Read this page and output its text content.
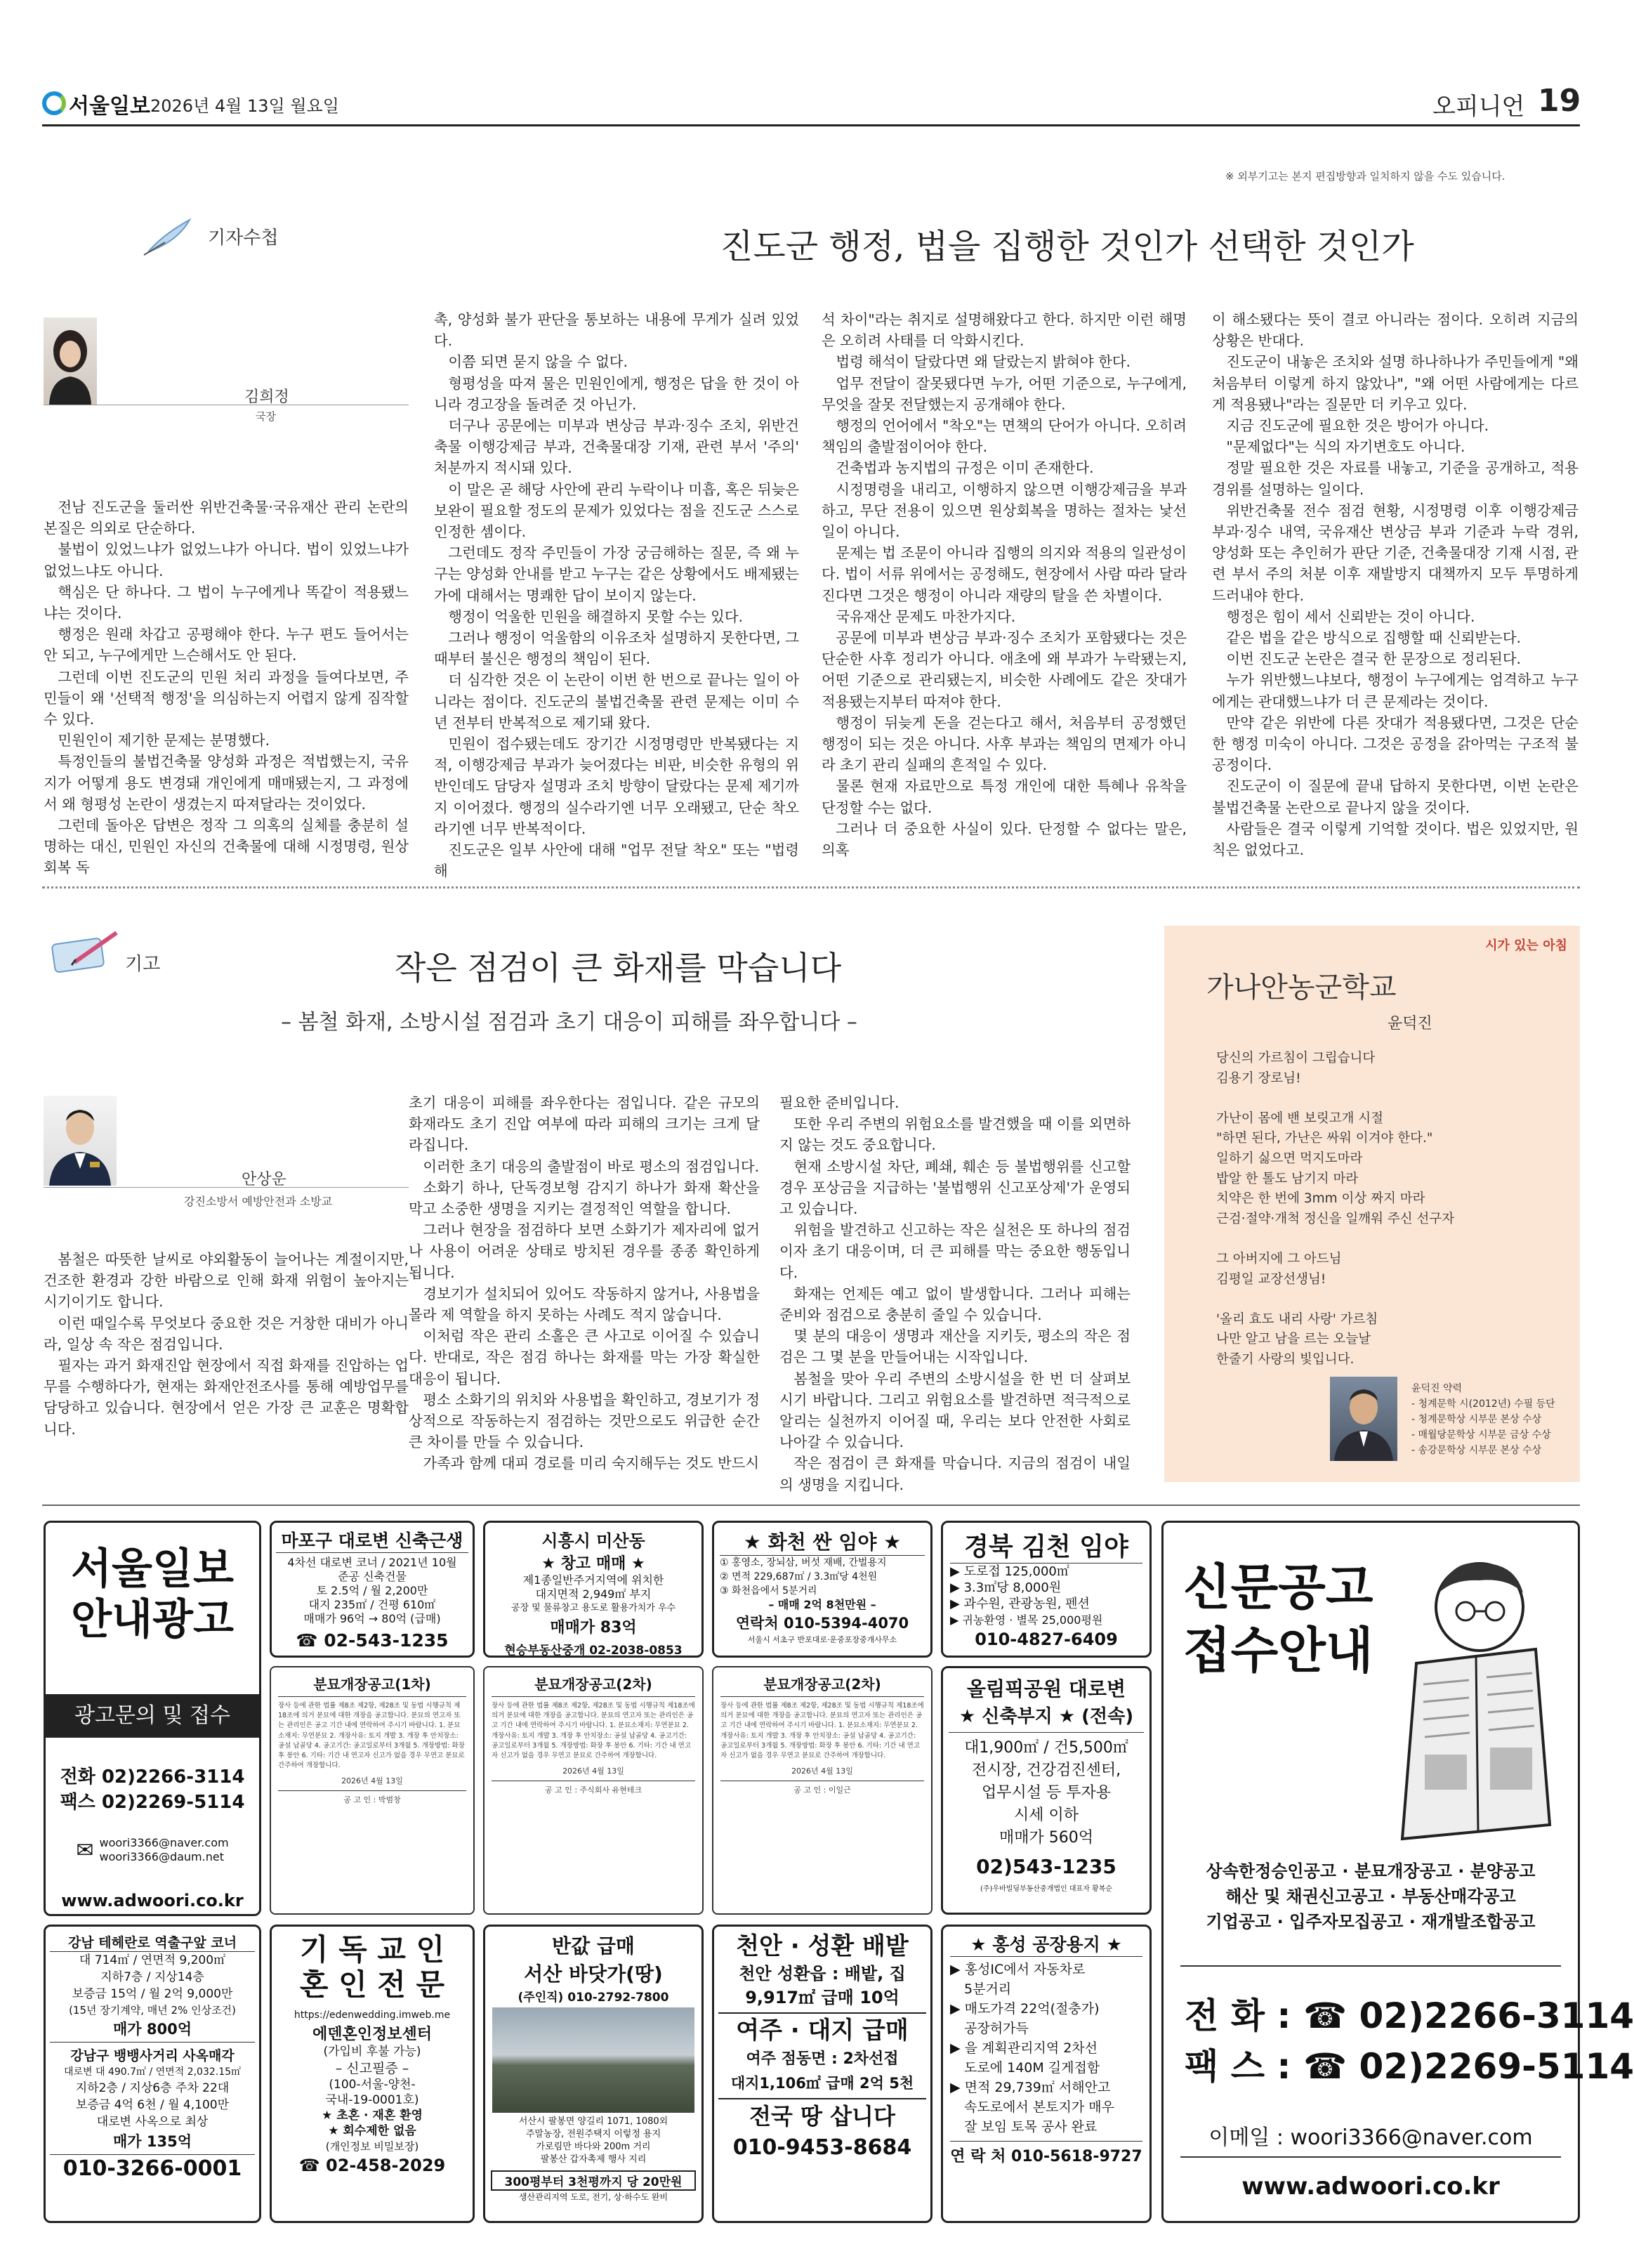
서울일보 2026년 4월 13일 월요일	오피니언 19
※ 외부기고는 본지 편집방향과 일치하지 않을 수도 있습니다.
기자수첩	진도군 행정, 법을 집행한 것인가 선택한 것인가
김희정
국장

전남 진도군을 둘러싼 위반건축물·국유재산 관리 논란의 본질은 의외로 단순하다.

불법이 있었느냐가 없었느냐가 아니다. 법이 있었느냐가 없었느냐도 아니다.

핵심은 단 하나다. 그 법이 누구에게나 똑같이 적용됐느냐는 것이다.

행정은 원래 차갑고 공평해야 한다. 누구 편도 들어서는 안 되고, 누구에게만 느슨해서도 안 된다.

그런데 이번 진도군의 민원 처리 과정을 들여다보면, 주민들이 왜 '선택적 행정'을 의심하는지 어렵지 않게 짐작할 수 있다.

민원인이 제기한 문제는 분명했다.

특정인들의 불법건축물 양성화 과정은 적법했는지, 국유지가 어떻게 용도 변경돼 개인에게 매매됐는지, 그 과정에서 왜 형평성 논란이 생겼는지 따져달라는 것이었다.

그런데 돌아온 답변은 정작 그 의혹의 실체를 충분히 설명하는 대신, 민원인 자신의 건축물에 대해 시정명령, 원상회복 독

촉, 양성화 불가 판단을 통보하는 내용에 무게가 실려 있었다.

이쯤 되면 묻지 않을 수 없다.

형평성을 따져 물은 민원인에게, 행정은 답을 한 것이 아니라 경고장을 돌려준 것 아닌가.

더구나 공문에는 미부과 변상금 부과·징수 조치, 위반건축물 이행강제금 부과, 건축물대장 기재, 관련 부서 '주의' 처분까지 적시돼 있다.

이 말은 곧 해당 사안에 관리 누락이나 미흡, 혹은 뒤늦은 보완이 필요할 정도의 문제가 있었다는 점을 진도군 스스로 인정한 셈이다.

그런데도 정작 주민들이 가장 궁금해하는 질문, 즉 왜 누구는 양성화 안내를 받고 누구는 같은 상황에서도 배제됐는가에 대해서는 명쾌한 답이 보이지 않는다.

행정이 억울한 민원을 해결하지 못할 수는 있다.

그러나 행정이 억울함의 이유조차 설명하지 못한다면, 그때부터 불신은 행정의 책임이 된다.

더 심각한 것은 이 논란이 이번 한 번으로 끝나는 일이 아니라는 점이다. 진도군의 불법건축물 관련 문제는 이미 수년 전부터 반복적으로 제기돼 왔다.

민원이 접수됐는데도 장기간 시정명령만 반복됐다는 지적, 이행강제금 부과가 늦어졌다는 비판, 비슷한 유형의 위반인데도 담당자 설명과 조치 방향이 달랐다는 문제 제기까지 이어졌다. 행정의 실수라기엔 너무 오래됐고, 단순 착오라기엔 너무 반복적이다.

진도군은 일부 사안에 대해 "업무 전달 착오" 또는 "법령 해

석 차이"라는 취지로 설명해왔다고 한다. 하지만 이런 해명은 오히려 사태를 더 악화시킨다.

법령 해석이 달랐다면 왜 달랐는지 밝혀야 한다.

업무 전달이 잘못됐다면 누가, 어떤 기준으로, 누구에게, 무엇을 잘못 전달했는지 공개해야 한다.

행정의 언어에서 "착오"는 면책의 단어가 아니다. 오히려 책임의 출발점이어야 한다.

건축법과 농지법의 규정은 이미 존재한다.

시정명령을 내리고, 이행하지 않으면 이행강제금을 부과하고, 무단 전용이 있으면 원상회복을 명하는 절차는 낯선 일이 아니다.

문제는 법 조문이 아니라 집행의 의지와 적용의 일관성이다. 법이 서류 위에서는 공정해도, 현장에서 사람 따라 달라진다면 그것은 행정이 아니라 재량의 탈을 쓴 차별이다.

국유재산 문제도 마찬가지다.

공문에 미부과 변상금 부과·징수 조치가 포함됐다는 것은 단순한 사후 정리가 아니다. 애초에 왜 부과가 누락됐는지, 어떤 기준으로 관리됐는지, 비슷한 사례에도 같은 잣대가 적용됐는지부터 따져야 한다.

행정이 뒤늦게 돈을 걷는다고 해서, 처음부터 공정했던 행정이 되는 것은 아니다. 사후 부과는 책임의 면제가 아니라 초기 관리 실패의 흔적일 수 있다.

물론 현재 자료만으로 특정 개인에 대한 특혜나 유착을 단정할 수는 없다.

그러나 더 중요한 사실이 있다. 단정할 수 없다는 말은, 의혹

이 해소됐다는 뜻이 결코 아니라는 점이다. 오히려 지금의 상황은 반대다.

진도군이 내놓은 조치와 설명 하나하나가 주민들에게 "왜 처음부터 이렇게 하지 않았나", "왜 어떤 사람에게는 다르게 적용됐나"라는 질문만 더 키우고 있다.

지금 진도군에 필요한 것은 방어가 아니다.

"문제없다"는 식의 자기변호도 아니다.

정말 필요한 것은 자료를 내놓고, 기준을 공개하고, 적용 경위를 설명하는 일이다.

위반건축물 전수 점검 현황, 시정명령 이후 이행강제금 부과·징수 내역, 국유재산 변상금 부과 기준과 누락 경위, 양성화 또는 추인허가 판단 기준, 건축물대장 기재 시점, 관련 부서 주의 처분 이후 재발방지 대책까지 모두 투명하게 드러내야 한다.

행정은 힘이 세서 신뢰받는 것이 아니다.

같은 법을 같은 방식으로 집행할 때 신뢰받는다.

이번 진도군 논란은 결국 한 문장으로 정리된다.

누가 위반했느냐보다, 행정이 누구에게는 엄격하고 누구에게는 관대했느냐가 더 큰 문제라는 것이다.

만약 같은 위반에 다른 잣대가 적용됐다면, 그것은 단순한 행정 미숙이 아니다. 그것은 공정을 갉아먹는 구조적 불공정이다.

진도군이 이 질문에 끝내 답하지 못한다면, 이번 논란은 불법건축물 논란으로 끝나지 않을 것이다.

사람들은 결국 이렇게 기억할 것이다. 법은 있었지만, 원칙은 없었다고.

기고	작은 점검이 큰 화재를 막습니다
– 봄철 화재, 소방시설 점검과 초기 대응이 피해를 좌우합니다 –
안상운
강진소방서 예방안전과 소방교

봄철은 따뜻한 날씨로 야외활동이 늘어나는 계절이지만, 건조한 환경과 강한 바람으로 인해 화재 위험이 높아지는 시기이기도 합니다.

이런 때일수록 무엇보다 중요한 것은 거창한 대비가 아니라, 일상 속 작은 점검입니다.

필자는 과거 화재진압 현장에서 직접 화재를 진압하는 업무를 수행하다가, 현재는 화재안전조사를 통해 예방업무를 담당하고 있습니다. 현장에서 얻은 가장 큰 교훈은 명확합니다.

초기 대응이 피해를 좌우한다는 점입니다. 같은 규모의 화재라도 초기 진압 여부에 따라 피해의 크기는 크게 달라집니다.

이러한 초기 대응의 출발점이 바로 평소의 점검입니다.

소화기 하나, 단독경보형 감지기 하나가 화재 확산을 막고 소중한 생명을 지키는 결정적인 역할을 합니다.

그러나 현장을 점검하다 보면 소화기가 제자리에 없거나 사용이 어려운 상태로 방치된 경우를 종종 확인하게 됩니다.

경보기가 설치되어 있어도 작동하지 않거나, 사용법을 몰라 제 역할을 하지 못하는 사례도 적지 않습니다.

이처럼 작은 관리 소홀은 큰 사고로 이어질 수 있습니다. 반대로, 작은 점검 하나는 화재를 막는 가장 확실한 대응이 됩니다.

평소 소화기의 위치와 사용법을 확인하고, 경보기가 정상적으로 작동하는지 점검하는 것만으로도 위급한 순간 큰 차이를 만들 수 있습니다.

가족과 함께 대피 경로를 미리 숙지해두는 것도 반드시

필요한 준비입니다.

또한 우리 주변의 위험요소를 발견했을 때 이를 외면하지 않는 것도 중요합니다.

현재 소방시설 차단, 폐쇄, 훼손 등 불법행위를 신고할 경우 포상금을 지급하는 '불법행위 신고포상제'가 운영되고 있습니다.

위험을 발견하고 신고하는 작은 실천은 또 하나의 점검이자 초기 대응이며, 더 큰 피해를 막는 중요한 행동입니다.

화재는 언제든 예고 없이 발생합니다. 그러나 피해는 준비와 점검으로 충분히 줄일 수 있습니다.

몇 분의 대응이 생명과 재산을 지키듯, 평소의 작은 점검은 그 몇 분을 만들어내는 시작입니다.

봄철을 맞아 우리 주변의 소방시설을 한 번 더 살펴보시기 바랍니다. 그리고 위험요소를 발견하면 적극적으로 알리는 실천까지 이어질 때, 우리는 보다 안전한 사회로 나아갈 수 있습니다.

작은 점검이 큰 화재를 막습니다. 지금의 점검이 내일의 생명을 지킵니다.

시가 있는 아침
가나안농군학교
윤덕진
당신의 가르침이 그립습니다
김용기 장로님!

가난이 몸에 밴 보릿고개 시절
"하면 된다, 가난은 싸워 이겨야 한다."
일하기 싫으면 먹지도마라
밥알 한 톨도 남기지 마라
치약은 한 번에 3mm 이상 짜지 마라
근검·절약·개척 정신을 일깨워 주신 선구자

그 아버지에 그 아드님
김평일 교장선생님!

'올리 효도 내리 사랑' 가르침
나만 알고 남을 르는 오늘날
한줄기 사랑의 빛입니다.
윤덕진 약력
- 청계문학 시(2012년) 수필 등단
- 청계문학상 시부문 본상 수상
- 매월당문학상 시부문 금상 수상
- 송강문학상 시부문 본상 수상
서울일보
안내광고
광고문의 및 접수
전화 02)2266-3114
팩스 02)2269-5114
✉ woori3366@naver.com
woori3366@daum.net
www.adwoori.co.kr
마포구 대로변 신축근생
4차선 대로변 코너 / 2021년 10월
준공 신축건물
토 2.5억 / 월 2,200만
대지 235㎡ / 건평 610㎡
매매가 96억 → 80억 (급매)
☎ 02-543-1235
시흥시 미산동
★ 창고 매매 ★
제1종일반주거지역에 위치한
대지면적 2,949㎡ 부지
공장 및 물류창고 용도로 활용가치가 우수
매매가 83억
현승부동산중개 02-2038-0853
★ 화천 싼 임야 ★
① 홍영소, 장뇌삼, 버섯 재배, 간벌용지
② 면적 229,687㎡ / 3.3㎡당 4천원
③ 화천읍에서 5분거리
– 매매 2억 8천만원 –
연락처 010-5394-4070
서울시 서초구 반포대로·운중포장중개사무소
경북 김천 임야
▶ 도로접 125,000㎡
▶ 3.3㎡당 8,000원
▶ 과수원, 관광농원, 펜션
▶ 귀농환영 · 별목 25,000평원
010-4827-6409
분묘개장공고(1차)
장사 등에 관한 법률 제8조 제2항, 제28조 및 동법 시행규칙 제18조에 의거 분묘에 대한 개장을 공고합니다. 분묘의 연고자 또는 관리인은 공고 기간 내에 연락하여 주시기 바랍니다. 1. 분묘소재지: 무연분묘 2. 개장사유: 토지 개발 3. 개장 후 안치장소: 공설 납골당 4. 공고기간: 공고일로부터 3개월 5. 개장방법: 화장 후 봉안 6. 기타: 기간 내 연고자 신고가 없을 경우 무연고 분묘로 간주하여 개장합니다.
2026년 4월 13일
공 고 인 : 박범창
분묘개장공고(2차)
장사 등에 관한 법률 제8조 제2항, 제28조 및 동법 시행규칙 제18조에 의거 분묘에 대한 개장을 공고합니다. 분묘의 연고자 또는 관리인은 공고 기간 내에 연락하여 주시기 바랍니다. 1. 분묘소재지: 무연분묘 2. 개장사유: 토지 개발 3. 개장 후 안치장소: 공설 납골당 4. 공고기간: 공고일로부터 3개월 5. 개장방법: 화장 후 봉안 6. 기타: 기간 내 연고자 신고가 없을 경우 무연고 분묘로 간주하여 개장합니다.
2026년 4월 13일
공 고 인 : 주식회사 유현테크
분묘개장공고(2차)
장사 등에 관한 법률 제8조 제2항, 제28조 및 동법 시행규칙 제18조에 의거 분묘에 대한 개장을 공고합니다. 분묘의 연고자 또는 관리인은 공고 기간 내에 연락하여 주시기 바랍니다. 1. 분묘소재지: 무연분묘 2. 개장사유: 토지 개발 3. 개장 후 안치장소: 공설 납골당 4. 공고기간: 공고일로부터 3개월 5. 개장방법: 화장 후 봉안 6. 기타: 기간 내 연고자 신고가 없을 경우 무연고 분묘로 간주하여 개장합니다.
2026년 4월 13일
공 고 인 : 이일근
올림픽공원 대로변
★ 신축부지 ★ (전속)
대1,900㎡ / 건5,500㎡
전시장, 건강검진센터,
업무시설 등 투자용
시세 이하
매매가 560억
02)543-1235
(주)우바빌딩부동산중개법인 대표자 황복순
신문공고
접수안내
상속한정승인공고 · 분묘개장공고 · 분양공고
해산 및 채권신고공고 · 부동산매각공고
기업공고 · 입주자모집공고 · 재개발조합공고
전 화 : ☎ 02)2266-3114
팩 스 : ☎ 02)2269-5114
이메일 : woori3366@naver.com
www.adwoori.co.kr
강남 테헤란로 역출구앞 코너
대 714㎡ / 연면적 9,200㎡
지하7층 / 지상14층
보증금 15억 / 월 2억 9,000만
(15년 장기계약, 매년 2% 인상조건)
매가 800억
강남구 뱅뱅사거리 사옥매각
대로변 대 490.7㎡ / 연면적 2,032.15㎡
지하2층 / 지상6층 주차 22대
보증금 4억 6천 / 월 4,100만
대로변 사옥으로 최상
매가 135억
010-3266-0001
기 독 교 인
혼 인 전 문
https://edenwedding.imweb.me
에덴혼인정보센터
(가입비 후불 가능)
– 신고필증 –
(100-서울-양천-
국내-19-0001호)
★ 초혼 · 재혼 환영
★ 회수제한 없음
(개인정보 비밀보장)
☎ 02-458-2029
반값 급매
서산 바닷가(땅)
(주인직) 010-2792-7800
서산시 팔봉면 양길리 1071, 1080외
주말농장, 전원주택지 이렇정 용지
가로림만 바다와 200m 거리
팔봉산 갑자촉제 행사 지리
300평부터 3천평까지 당 20만원
생산관리지역 도로, 전기, 상·하수도 완비
천안 · 성환 배밭
천안 성환읍 : 배밭, 집
9,917㎡ 급매 10억
여주 · 대지 급매
여주 점동면 : 2차선접
대지1,106㎡ 급매 2억 5천
전국 땅 삽니다
010-9453-8684
★ 홍성 공장용지 ★
▶ 홍성IC에서 자동차로
5분거리
▶ 매도가격 22억(절충가)
공장허가득
▶ 을 계획관리지역 2차선
도로에 140M 길게접함
▶ 면적 29,739㎡ 서해안고
속도로에서 본토지가 매우
잘 보임 토목 공사 완료
연 락 처 010-5618-9727
